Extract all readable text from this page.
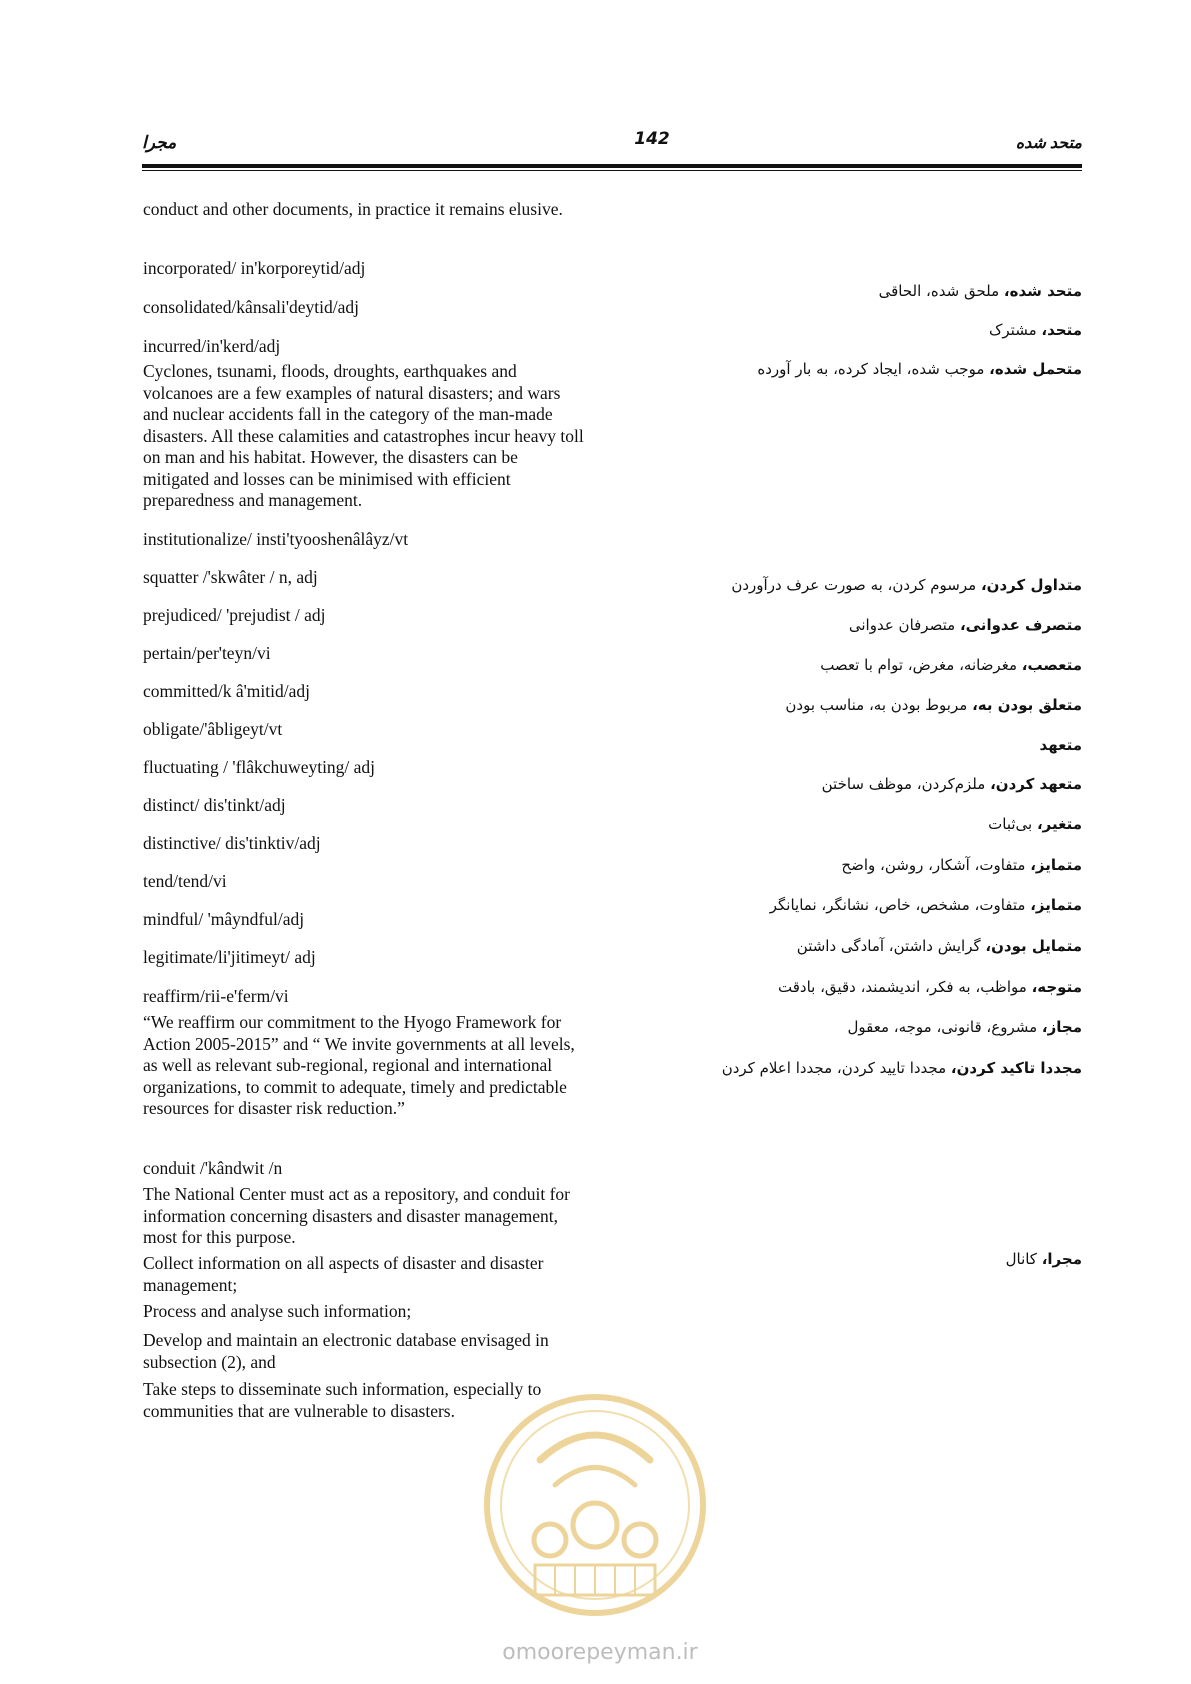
مجرا	142	متحد شده
conduct and other documents, in practice it remains elusive.
incorporated/ in'korporeytid/adj
consolidated/kânsali'deytid/adj
incurred/in'kerd/adj
Cyclones, tsunami, floods, droughts, earthquakes and volcanoes are a few examples of natural disasters; and wars and nuclear accidents fall in the category of the man-made disasters. All these calamities and catastrophes incur heavy toll on man and his habitat. However, the disasters can be mitigated and losses can be minimised with efficient preparedness and management.
institutionalize/ insti'tyooshenâlâyz/vt
squatter /'skwâter / n, adj
prejudiced/ 'prejudist / adj
pertain/per'teyn/vi
committed/k â'mitid/adj
obligate/'âbligeyt/vt
fluctuating / 'flâkchuweyting/ adj
distinct/ dis'tinkt/adj
distinctive/ dis'tinktiv/adj
tend/tend/vi
mindful/ 'mâyndful/adj
legitimate/li'jitimeyt/ adj
reaffirm/rii-e'ferm/vi
“We reaffirm our commitment to the Hyogo Framework for Action 2005-2015” and “ We invite governments at all levels, as well as relevant sub-regional, regional and international organizations, to commit to adequate, timely and predictable resources for disaster risk reduction.”
conduit /'kândwit /n
The National Center must act as a repository, and conduit for information concerning disasters and disaster management, most for this purpose.
Collect information on all aspects of disaster and disaster management;
Process and analyse such information;
Develop and maintain an electronic database envisaged in subsection (2), and
Take steps to disseminate such information, especially to communities that are vulnerable to disasters.
متحد شده، ملحق شده، الحاقی
متحد، مشترک
متحمل شده، موجب شده، ایجاد کرده، به بار آورده
متداول کردن، مرسوم کردن، به صورت عرف درآوردن
متصرف عدوانی، متصرفان عدوانی
متعصب، مغرضانه، مغرض، توام با تعصب
متعلق بودن به، مربوط بودن به، مناسب بودن
متعهد
متعهد کردن، ملزم‌کردن، موظف ساختن
متغیر، بی‌ثبات
متمایز، متفاوت، آشکار، روشن، واضح
متمایز، متفاوت، مشخص، خاص، نشانگر، نمایانگر
متمایل بودن، گرایش داشتن، آمادگی داشتن
متوجه، مواظب، به فکر، اندیشمند، دقیق، بادقت
مجاز، مشروع، قانونی، موجه، معقول
مجددا تاکید کردن، مجددا تایید کردن، مجددا اعلام کردن
مجرا، کانال
omoorepeyman.ir
